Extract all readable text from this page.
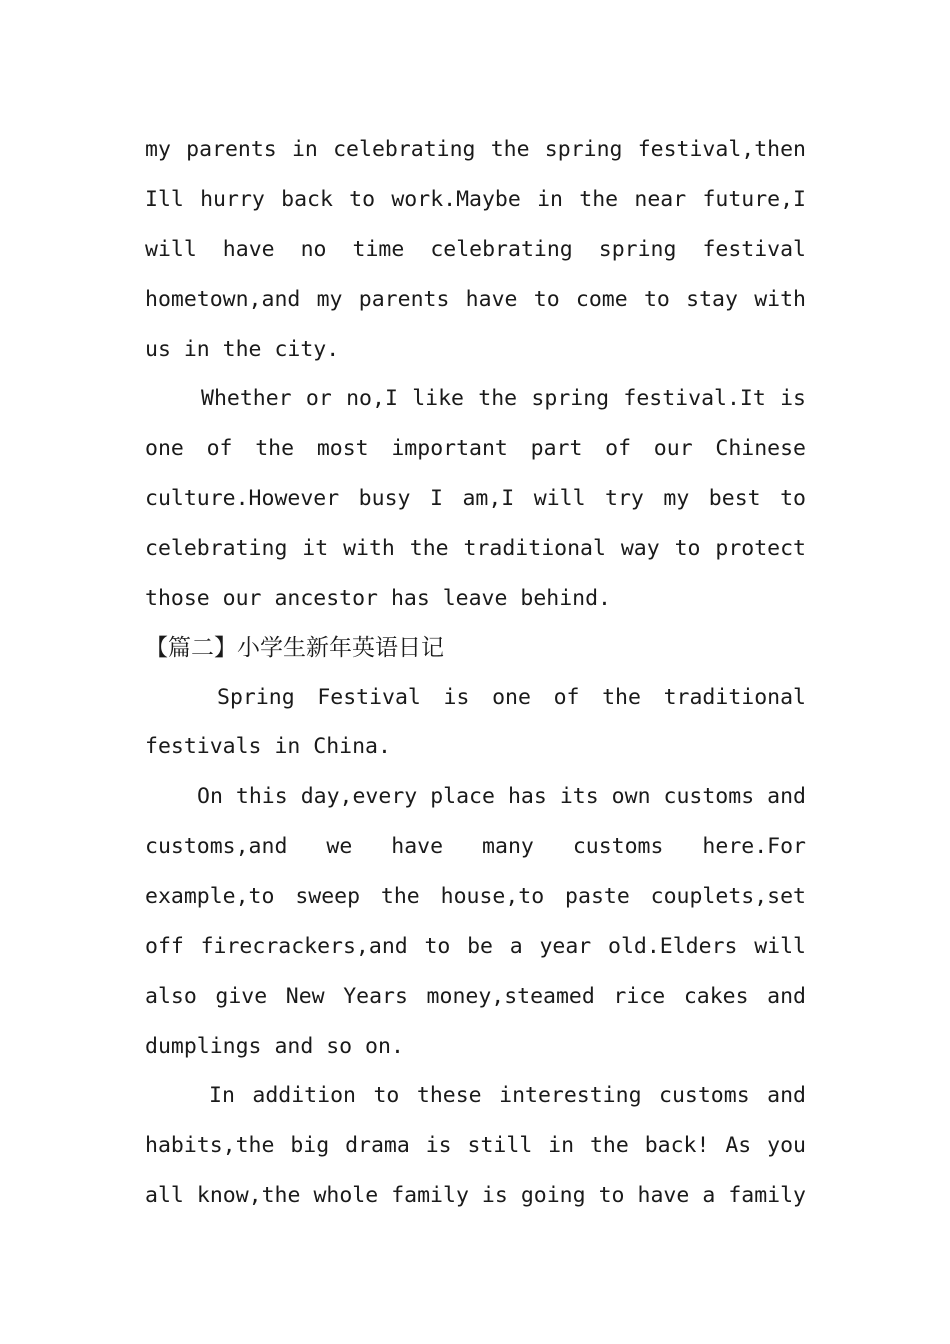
my parents in celebrating the spring festival,then
Ill hurry back to work.Maybe in the near future,I
will have no time celebrating spring festival
hometown,and my parents have to come to stay with
us in the city.
Whether or no,I like the spring festival.It is
one of the most important part of our Chinese
culture.However busy I am,I will try my best to
celebrating it with the traditional way to protect
those our ancestor has leave behind.
【篇二】小学生新年英语日记
Spring Festival is one of the traditional
festivals in China.
On this day,every place has its own customs and
customs,and we have many customs here.For
example,to sweep the house,to paste couplets,set
off firecrackers,and to be a year old.Elders will
also give New Years money,steamed rice cakes and
dumplings and so on.
In addition to these interesting customs and
habits,the big drama is still in the back! As you
all know,the whole family is going to have a family
